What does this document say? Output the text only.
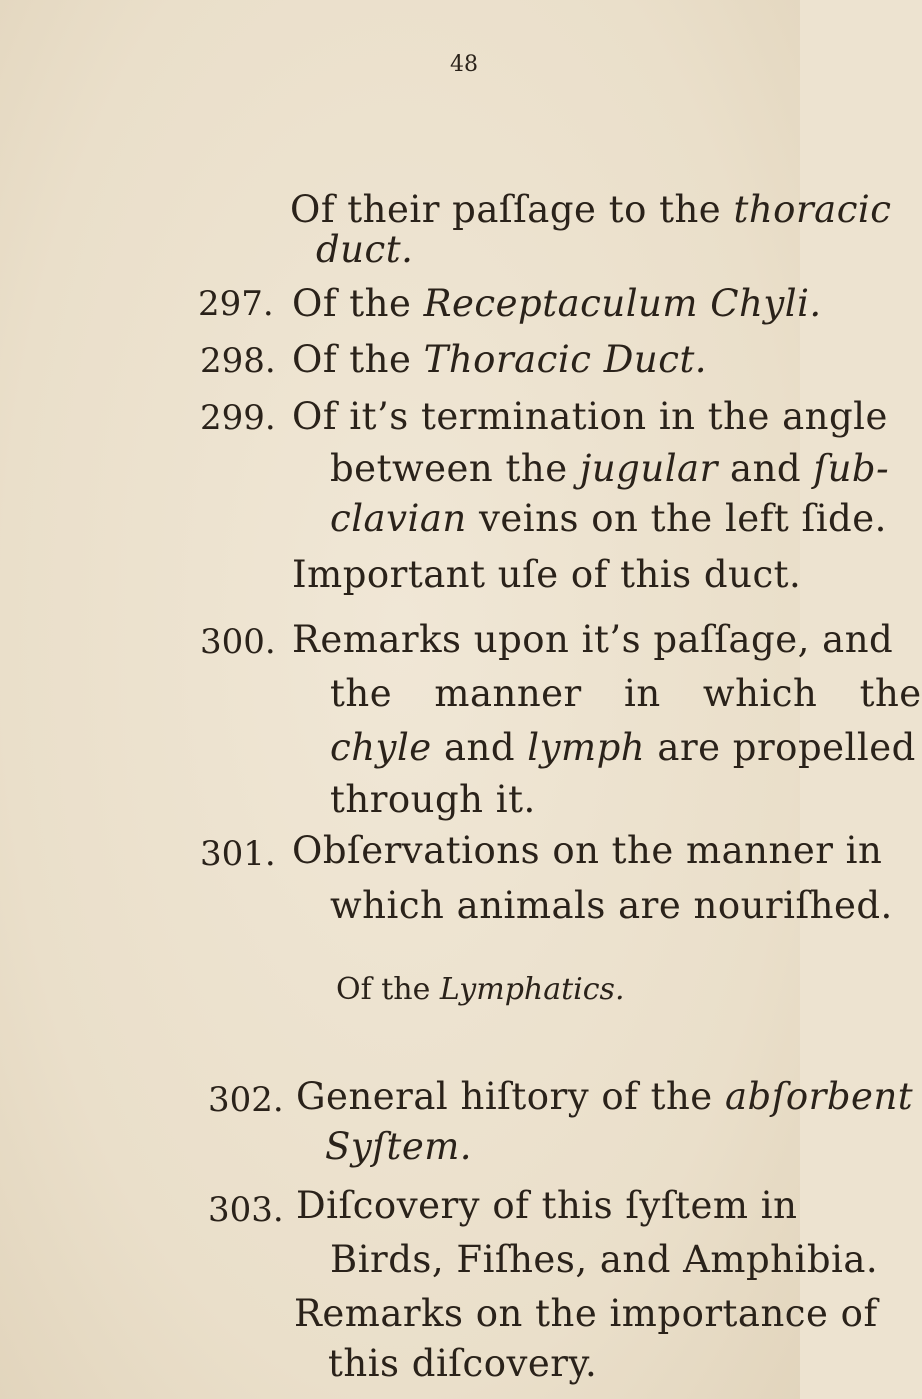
48
Of their paſſage to the thoracic
duct.
297. Of the Receptaculum Chyli.
298. Of the Thoracic Duct.
299. Of it’s termination in the angle
between the jugular and ſub-
clavian veins on the left ſide.
Important uſe of this duct.
300. Remarks upon it’s paſſage, and
the manner in which the
chyle and lymph are propelled
through it.
301. Obſervations on the manner in
which animals are nouriſhed.
Of the Lymphatics.
302. General hiſtory of the abſorbent
Syſtem.
303. Diſcovery of this ſyſtem in
Birds, Fiſhes, and Amphibia.
Remarks on the importance of
this diſcovery.
